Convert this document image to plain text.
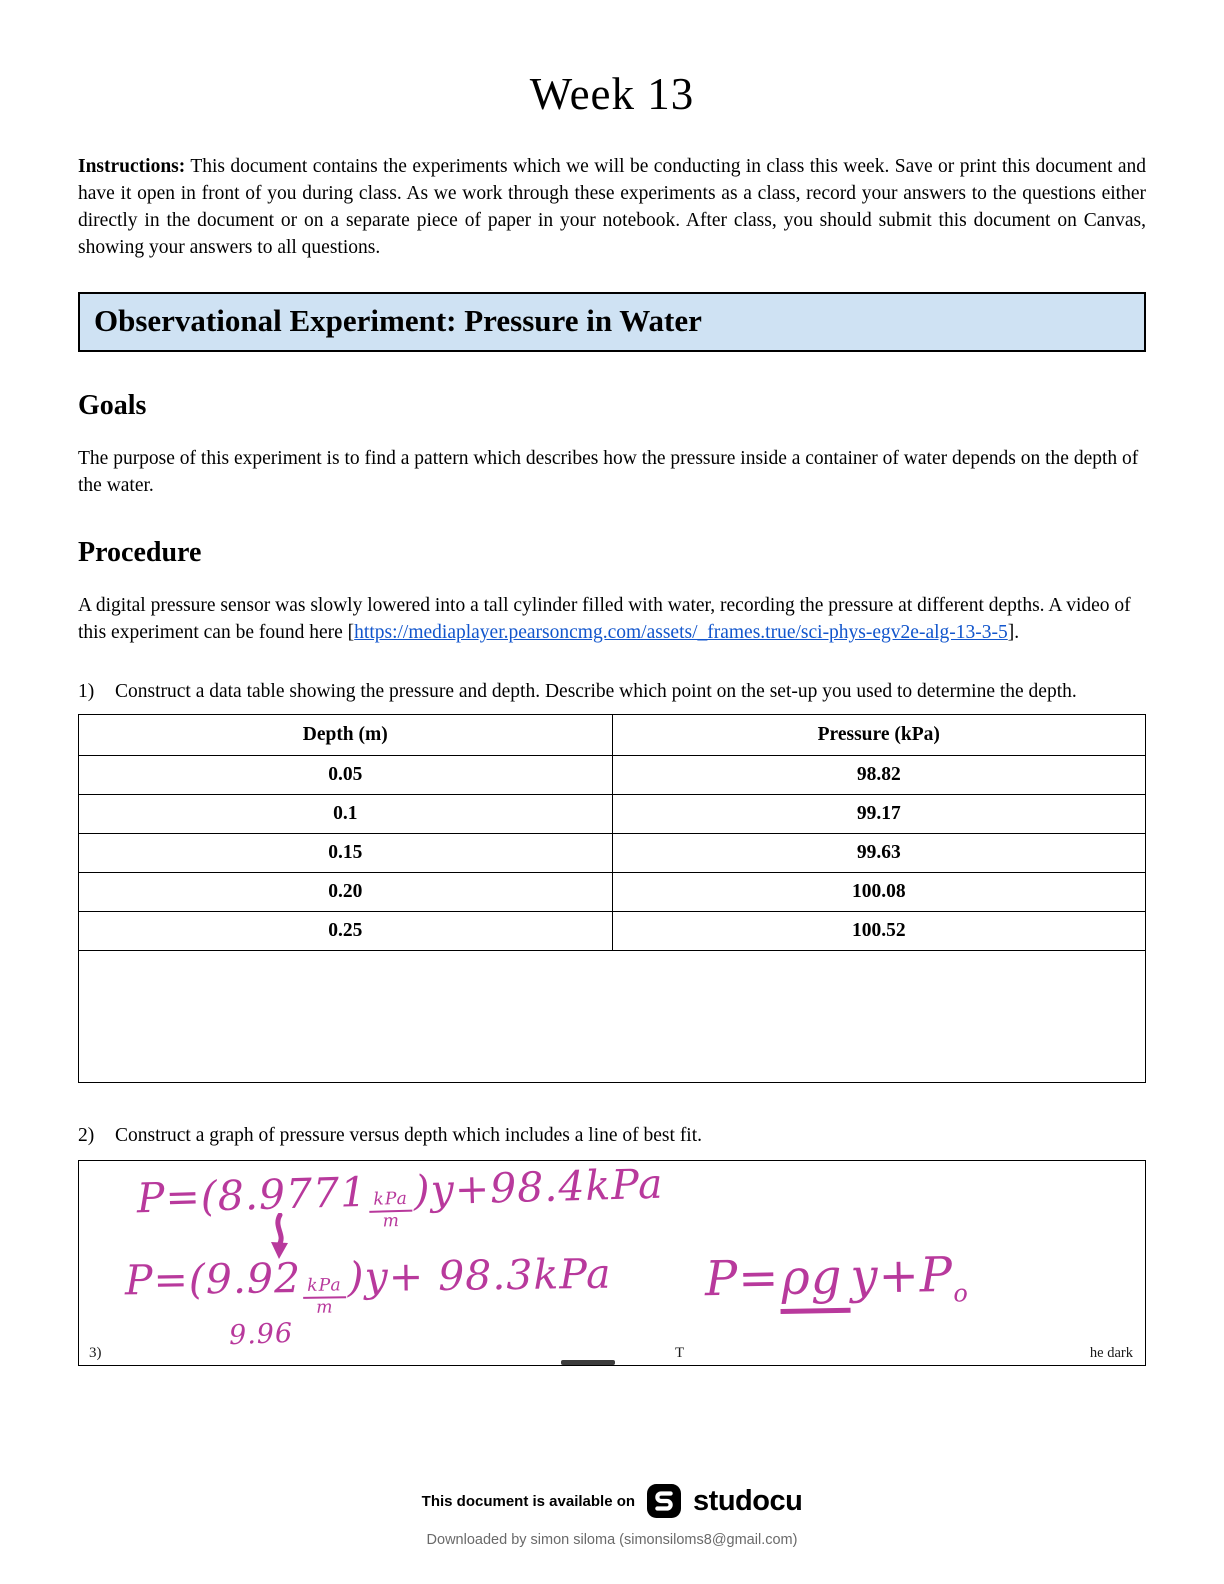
Week 13

Instructions: This document contains the experiments which we will be conducting in class this week. Save or print this document and have it open in front of you during class. As we work through these experiments as a class, record your answers to the questions either directly in the document or on a separate piece of paper in your notebook. After class, you should submit this document on Canvas, showing your answers to all questions.

Observational Experiment: Pressure in Water
Goals

The purpose of this experiment is to find a pattern which describes how the pressure inside a container of water depends on the depth of the water.

Procedure

A digital pressure sensor was slowly lowered into a tall cylinder filled with water, recording the pressure at different depths. A video of this experiment can be found here [https://mediaplayer.pearsoncmg.com/assets/_frames.true/sci-phys-egv2e-alg-13-3-5].

1)	Construct a data table showing the pressure and depth. Describe which point on the set-up you used to determine the depth.
Depth (m)	Pressure (kPa)
0.05	98.82
0.1	99.17
0.15	99.63
0.20	100.08
0.25	100.52

2)	Construct a graph of pressure versus depth which includes a line of best fit.
$P=(8.9771 \frac{\text{kPa}}{m} )y+98.4kPa$
$P=(9.92 \frac{\text{kPa}}{m} )y+ 98.3kPa$
9.96
P=ρg $y+P_o$
3)	T	he dark
This document is available on studocu
Downloaded by simon siloma (simonsiloms8@gmail.com)
